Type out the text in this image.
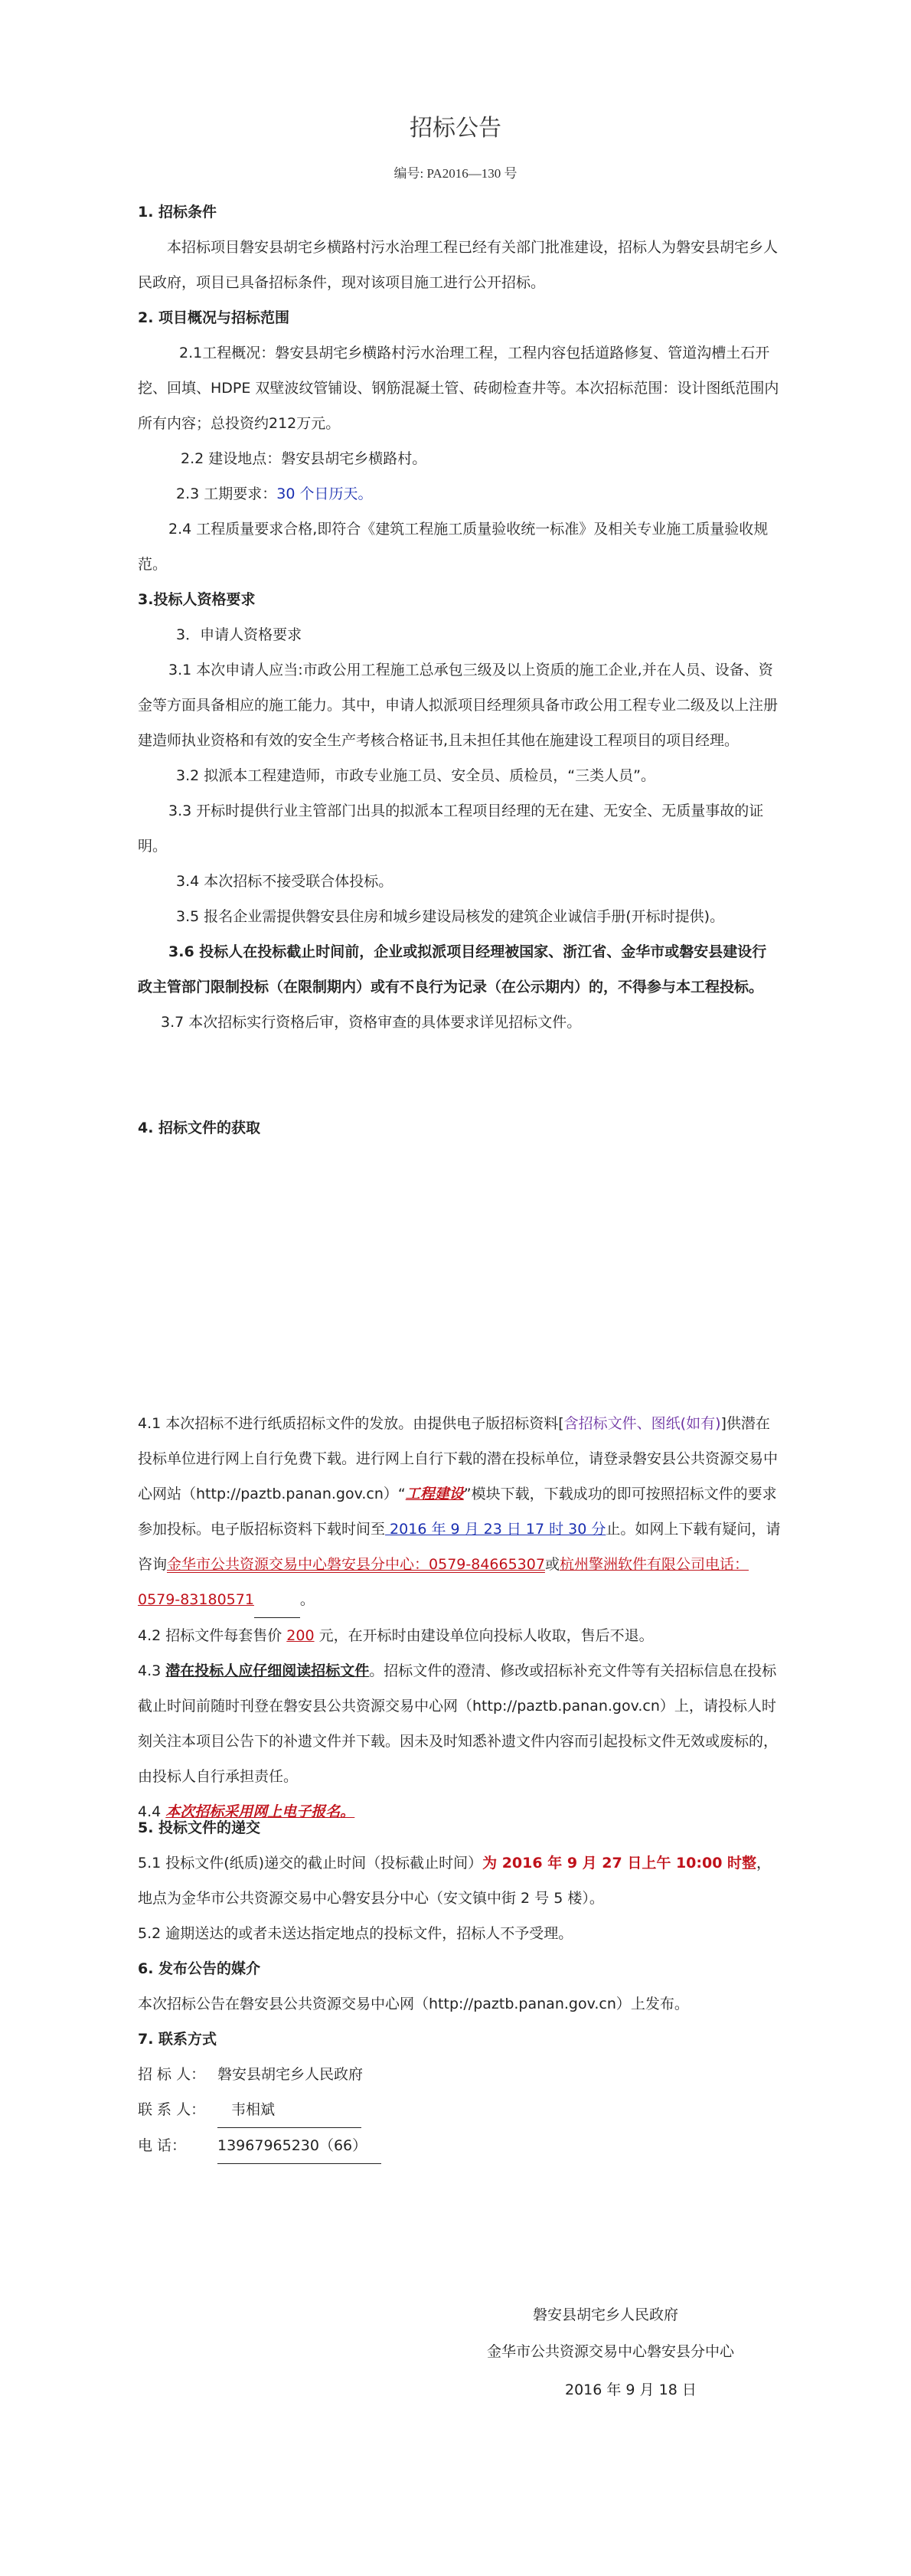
招标公告
编号: PA2016—130 号
1. 招标条件
本招标项目磐安县胡宅乡横路村污水治理工程已经有关部门批准建设，招标人为磐安县胡宅乡人民政府，项目已具备招标条件，现对该项目施工进行公开招标。
2. 项目概况与招标范围
2.1工程概况：磐安县胡宅乡横路村污水治理工程，工程内容包括道路修复、管道沟槽土石开挖、回填、HDPE 双壁波纹管铺设、钢筋混凝土管、砖砌检查井等。本次招标范围：设计图纸范围内所有内容；总投资约212万元。
2.2 建设地点：磐安县胡宅乡横路村。
2.3 工期要求：30 个日历天。
2.4 工程质量要求合格,即符合《建筑工程施工质量验收统一标准》及相关专业施工质量验收规范。
3.投标人资格要求
3．申请人资格要求
3.1 本次申请人应当:市政公用工程施工总承包三级及以上资质的施工企业,并在人员、设备、资金等方面具备相应的施工能力。其中，申请人拟派项目经理须具备市政公用工程专业二级及以上注册建造师执业资格和有效的安全生产考核合格证书,且未担任其他在施建设工程项目的项目经理。
3.2 拟派本工程建造师，市政专业施工员、安全员、质检员，“三类人员”。
3.3 开标时提供行业主管部门出具的拟派本工程项目经理的无在建、无安全、无质量事故的证明。
3.4 本次招标不接受联合体投标。
3.5 报名企业需提供磐安县住房和城乡建设局核发的建筑企业诚信手册(开标时提供)。
3.6 投标人在投标截止时间前，企业或拟派项目经理被国家、浙江省、金华市或磐安县建设行政主管部门限制投标（在限制期内）或有不良行为记录（在公示期内）的，不得参与本工程投标。
3.7 本次招标实行资格后审，资格审查的具体要求详见招标文件。
4. 招标文件的获取
4.1 本次招标不进行纸质招标文件的发放。由提供电子版招标资料[含招标文件、图纸(如有)]供潜在投标单位进行网上自行免费下载。进行网上自行下载的潜在投标单位，请登录磐安县公共资源交易中心网站（http://paztb.panan.gov.cn）“工程建设”模块下载，下载成功的即可按照招标文件的要求参加投标。电子版招标资料下载时间至 2016 年 9 月 23 日 17 时 30 分止。如网上下载有疑问，请咨询金华市公共资源交易中心磐安县分中心：0579-84665307或杭州擎洲软件有限公司电话：0579-83180571	。
4.2 招标文件每套售价 200 元，在开标时由建设单位向投标人收取，售后不退。
4.3 潜在投标人应仔细阅读招标文件。招标文件的澄清、修改或招标补充文件等有关招标信息在投标截止时间前随时刊登在磐安县公共资源交易中心网（http://paztb.panan.gov.cn）上，请投标人时刻关注本项目公告下的补遗文件并下载。因未及时知悉补遗文件内容而引起投标文件无效或废标的，由投标人自行承担责任。
4.4 本次招标采用网上电子报名。
5. 投标文件的递交
5.1 投标文件(纸质)递交的截止时间（投标截止时间）为 2016 年 9 月 27 日上午 10:00 时整，地点为金华市公共资源交易中心磐安县分中心（安文镇中街 2 号 5 楼）。
5.2 逾期送达的或者未送达指定地点的投标文件，招标人不予受理。
6. 发布公告的媒介
本次招标公告在磐安县公共资源交易中心网（http://paztb.panan.gov.cn）上发布。
7. 联系方式
招 标 人： 磐安县胡宅乡人民政府
联 系 人： 韦相斌
电 话： 13967965230（66）
磐安县胡宅乡人民政府
金华市公共资源交易中心磐安县分中心
2016 年 9 月 18 日
